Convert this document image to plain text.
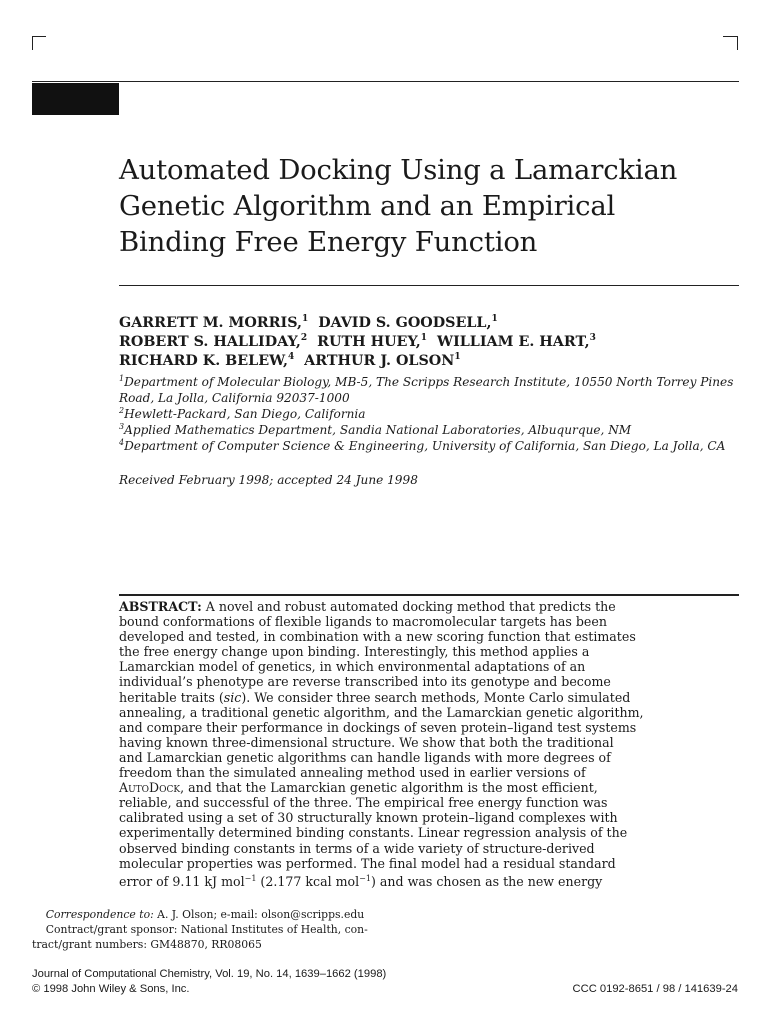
Automated Docking Using a Lamarckian
Genetic Algorithm and an Empirical
Binding Free Energy Function
GARRETT M. MORRIS,$^1$ DAVID S. GOODSELL,$^1$
ROBERT S. HALLIDAY,$^2$ RUTH HUEY,$^1$ WILLIAM E. HART,$^3$
RICHARD K. BELEW,$^4$ ARTHUR J. OLSON$^1$
$^1$Department of Molecular Biology, MB-5, The Scripps Research Institute, 10550 North Torrey Pines
Road, La Jolla, California 92037-1000
$^2$Hewlett-Packard, San Diego, California
$^3$Applied Mathematics Department, Sandia National Laboratories, Albuqurque, NM
$^4$Department of Computer Science & Engineering, University of California, San Diego, La Jolla, CA
Received February 1998; accepted 24 June 1998
ABSTRACT: A novel and robust automated docking method that predicts the
bound conformations of flexible ligands to macromolecular targets has been
developed and tested, in combination with a new scoring function that estimates
the free energy change upon binding. Interestingly, this method applies a
Lamarckian model of genetics, in which environmental adaptations of an
individual’s phenotype are reverse transcribed into its genotype and become
heritable traits (sic). We consider three search methods, Monte Carlo simulated
annealing, a traditional genetic algorithm, and the Lamarckian genetic algorithm,
and compare their performance in dockings of seven protein–ligand test systems
having known three-dimensional structure. We show that both the traditional
and Lamarckian genetic algorithms can handle ligands with more degrees of
freedom than the simulated annealing method used in earlier versions of
AutoDock, and that the Lamarckian genetic algorithm is the most efficient,
reliable, and successful of the three. The empirical free energy function was
calibrated using a set of 30 structurally known protein–ligand complexes with
experimentally determined binding constants. Linear regression analysis of the
observed binding constants in terms of a wide variety of structure-derived
molecular properties was performed. The final model had a residual standard
error of 9.11 kJ mol$^{-1}$ (2.177 kcal mol$^{-1}$) and was chosen as the new energy
Correspondence to: A. J. Olson; e-mail: olson@scripps.edu
Contract/grant sponsor: National Institutes of Health, con-
tract/grant numbers: GM48870, RR08065
Journal of Computational Chemistry, Vol. 19, No. 14, 1639–1662 (1998)
© 1998 John Wiley & Sons, Inc.	CCC 0192-8651 / 98 / 141639-24
